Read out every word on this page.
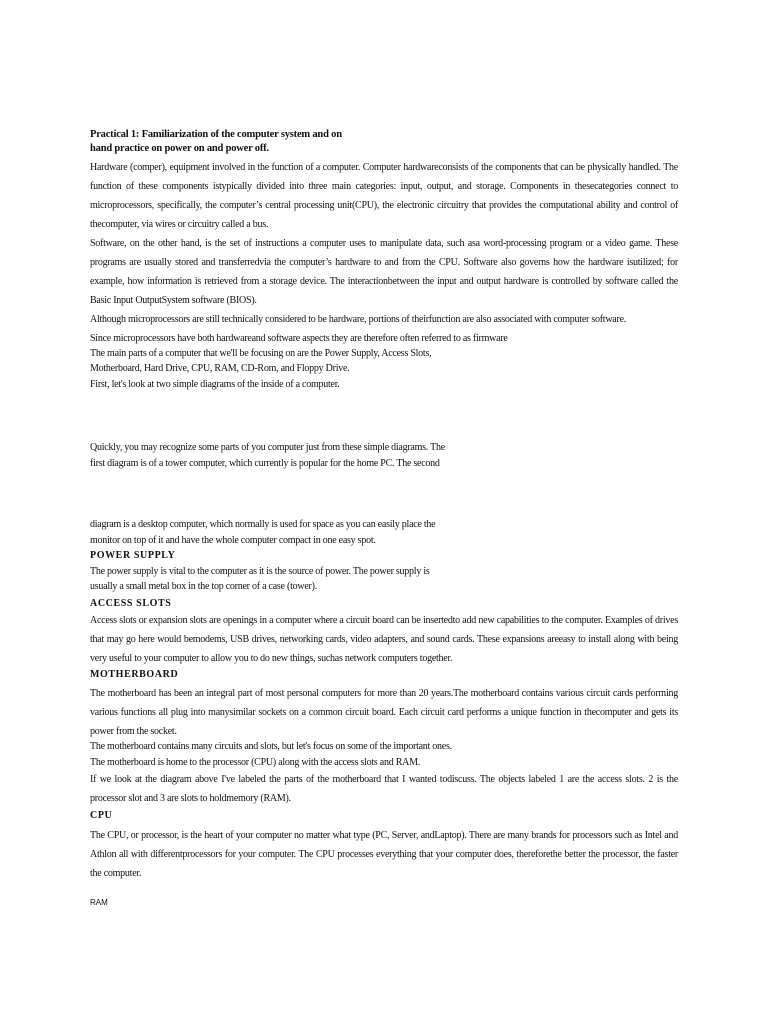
Practical 1: Familiarization of the computer system and on
hand practice on power on and power off.

Hardware (comper), equipment involved in the function of a computer. Computer hardwareconsists of the components that can be physically handled. The function of these components istypically divided into three main categories: input, output, and storage. Components in thesecategories connect to microprocessors, specifically, the computer’s central processing unit(CPU), the electronic circuitry that provides the computational ability and control of thecomputer, via wires or circuitry called a bus.

Software, on the other hand, is the set of instructions a computer uses to manipulate data, such asa word-processing program or a video game. These programs are usually stored and transferredvia the computer’s hardware to and from the CPU. Software also governs how the hardware isutilized; for example, how information is retrieved from a storage device. The interactionbetween the input and output hardware is controlled by software called the Basic Input OutputSystem software (BIOS).

Although microprocessors are still technically considered to be hardware, portions of theirfunction are also associated with computer software.

Since microprocessors have both hardwareand software aspects they are therefore often referred to as firmware

The main parts of a computer that we'll be focusing on are the Power Supply, Access Slots,
Motherboard, Hard Drive, CPU, RAM, CD-Rom, and Floppy Drive.
First, let's look at two simple diagrams of the inside of a computer.
Quickly, you may recognize some parts of you computer just from these simple diagrams. The
first diagram is of a tower computer, which currently is popular for the home PC. The second
diagram is a desktop computer, which normally is used for space as you can easily place the
monitor on top of it and have the whole computer compact in one easy spot.
POWER SUPPLY
The power supply is vital to the computer as it is the source of power. The power supply is
usually a small metal box in the top corner of a case (tower).
ACCESS SLOTS

Access slots or expansion slots are openings in a computer where a circuit board can be insertedto add new capabilities to the computer. Examples of drives that may go here would bemodems, USB drives, networking cards, video adapters, and sound cards. These expansions areeasy to install along with being very useful to your computer to allow you to do new things, suchas network computers together.

MOTHERBOARD

The motherboard has been an integral part of most personal computers for more than 20 years.The motherboard contains various circuit cards performing various functions all plug into manysimilar sockets on a common circuit board. Each circuit card performs a unique function in thecomputer and gets its power from the socket.

The motherboard contains many circuits and slots, but let's focus on some of the important ones.
The motherboard is home to the processor (CPU) along with the access slots and RAM.

If we look at the diagram above I've labeled the parts of the motherboard that I wanted todiscuss. The objects labeled 1 are the access slots. 2 is the processor slot and 3 are slots to holdmemory (RAM).

CPU

The CPU, or processor, is the heart of your computer no matter what type (PC, Server, andLaptop). There are many brands for processors such as Intel and Athlon all with differentprocessors for your computer. The CPU processes everything that your computer does, thereforethe better the processor, the faster the computer.

RAM
